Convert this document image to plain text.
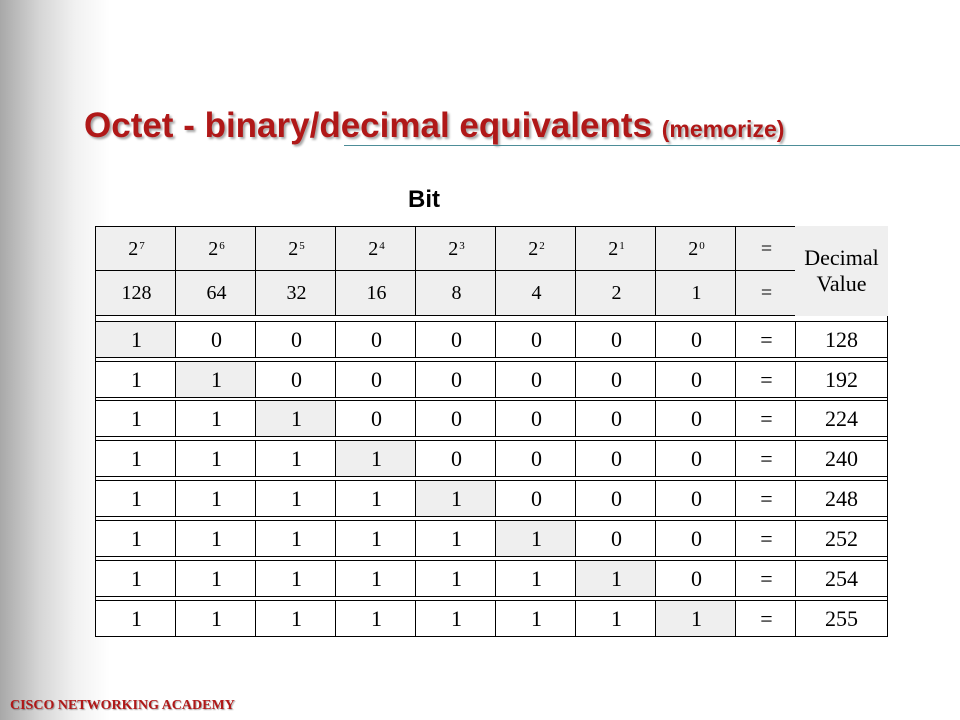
Octet - binary/decimal equivalents (memorize)
Bit
$2^7$	$2^6$	$2^5$	$2^4$	$2^3$	$2^2$	$2^1$	$2^0$	=
128	64	32	16	8	4	2	1	=
Decimal
Value
1	0	0	0	0	0	0	0	=	128
1	1	0	0	0	0	0	0	=	192
1	1	1	0	0	0	0	0	=	224
1	1	1	1	0	0	0	0	=	240
1	1	1	1	1	0	0	0	=	248
1	1	1	1	1	1	0	0	=	252
1	1	1	1	1	1	1	0	=	254
1	1	1	1	1	1	1	1	=	255
CISCO NETWORKING ACADEMY
